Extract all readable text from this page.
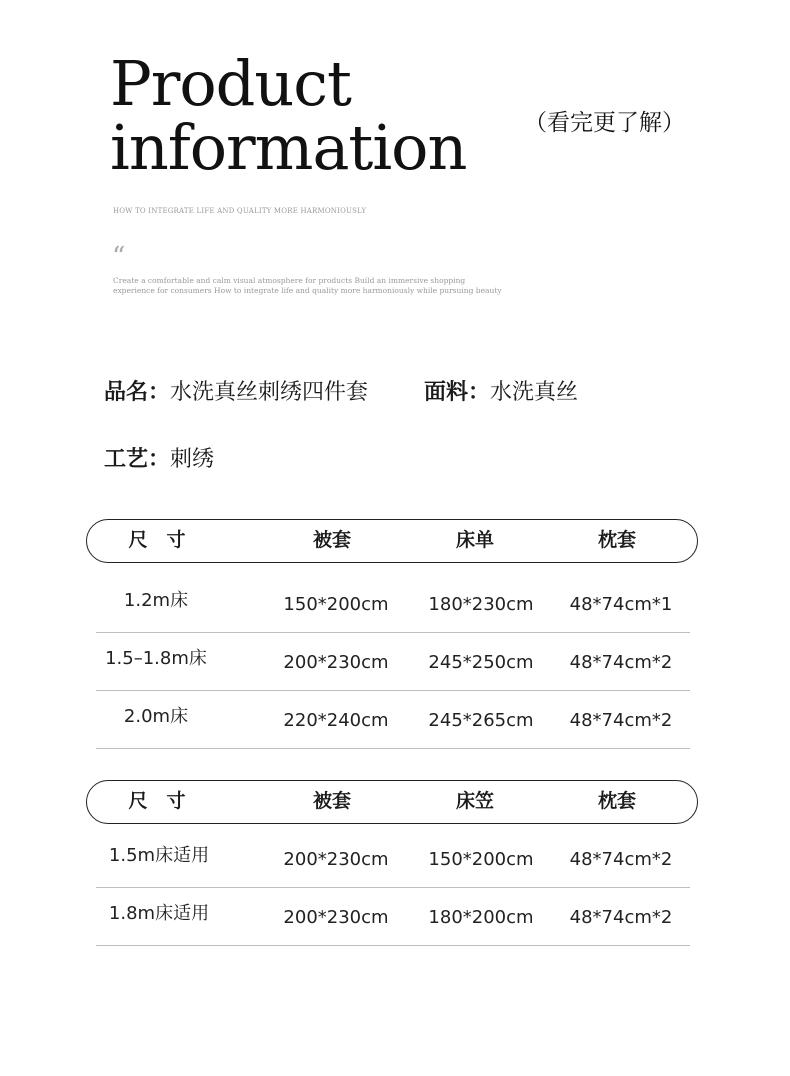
Product
information	（看完更了解）
HOW TO INTEGRATE LIFE AND QUALITY MORE HARMONIOUSLY
“
Create a comfortable and calm visual atmosphere for products Build an immersive shopping experience for consumers How to integrate life and quality more harmoniously while pursuing beauty
品名：水洗真丝刺绣四件套	面料：水洗真丝
工艺：刺绣
尺　寸	被套	床单	枕套
1.2m床	150*200cm	180*230cm	48*74cm*1
1.5–1.8m床	200*230cm	245*250cm	48*74cm*2
2.0m床	220*240cm	245*265cm	48*74cm*2
尺　寸	被套	床笠	枕套
1.5m床适用	200*230cm	150*200cm	48*74cm*2
1.8m床适用	200*230cm	180*200cm	48*74cm*2
